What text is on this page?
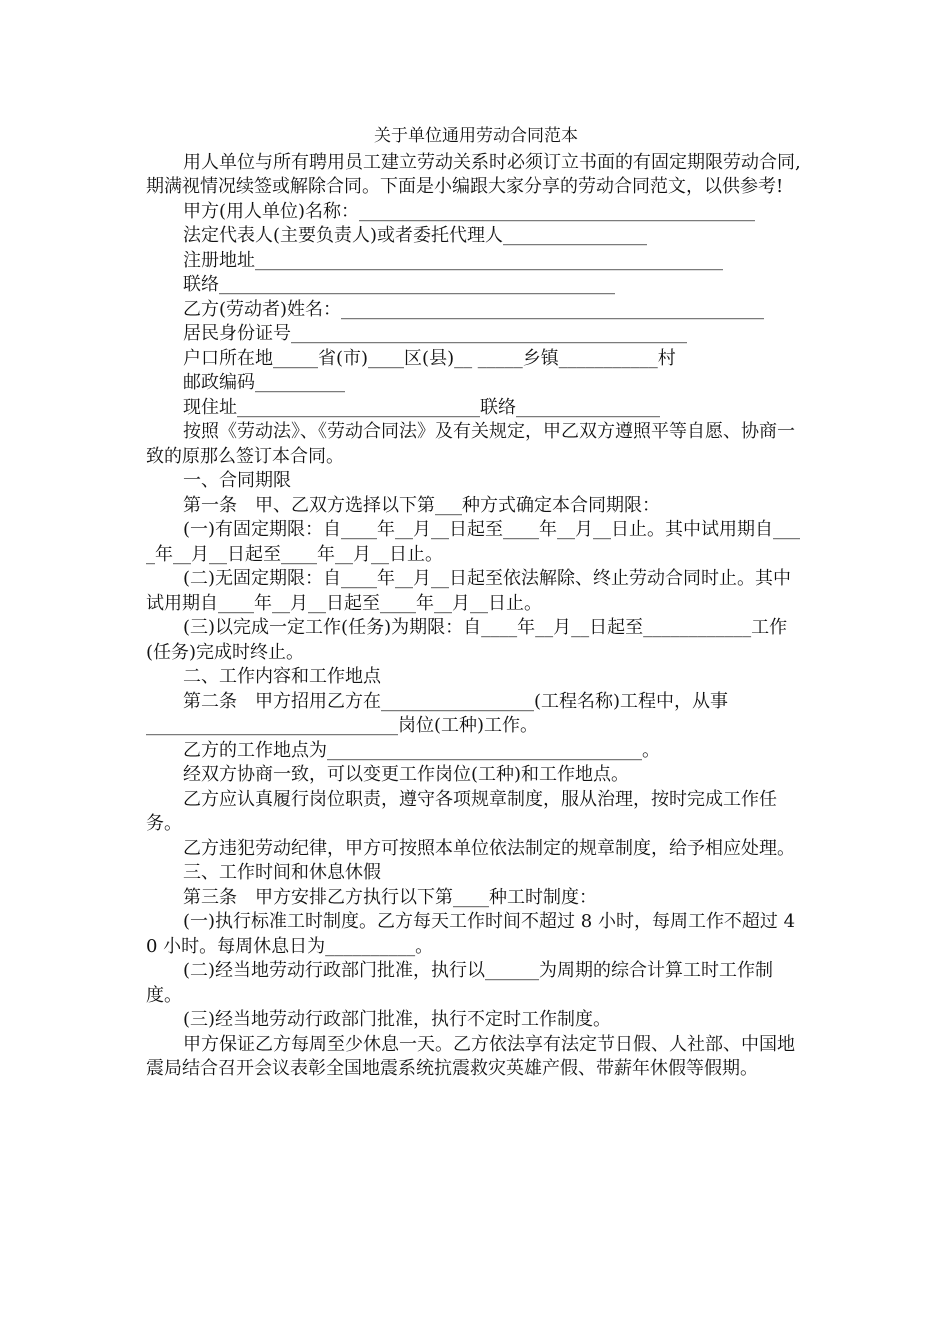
关于单位通用劳动合同范本

用人单位与所有聘用员工建立劳动关系时必须订立书面的有固定期限劳动合同,期满视情况续签或解除合同。下面是小编跟大家分享的劳动合同范文，以供参考!

甲方(用人单位)名称：____________________________________________

法定代表人(主要负责人)或者委托代理人________________

注册地址____________________________________________________

联络____________________________________________

乙方(劳动者)姓名：_______________________________________________

居民身份证号____________________________________________

户口所在地_____省(市)____区(县)__ _____乡镇___________村

邮政编码__________

现住址___________________________联络________________

按照《劳动法》、《劳动合同法》及有关规定，甲乙双方遵照平等自愿、协商一致的原那么签订本合同。

一、合同期限

第一条　甲、乙双方选择以下第___种方式确定本合同期限：

(一)有固定期限：自____年__月__日起至____年__月__日止。其中试用期自____年__月__日起至____年__月__日止。

(二)无固定期限：自____年__月__日起至依法解除、终止劳动合同时止。其中试用期自____年__月__日起至____年__月__日止。

(三)以完成一定工作(任务)为期限：自____年__月__日起至____________工作(任务)完成时终止。

二、工作内容和工作地点

第二条　甲方招用乙方在_________________(工程名称)工程中，从事

____________________________岗位(工种)工作。

乙方的工作地点为___________________________________。

经双方协商一致，可以变更工作岗位(工种)和工作地点。

乙方应认真履行岗位职责，遵守各项规章制度，服从治理，按时完成工作任务。

乙方违犯劳动纪律，甲方可按照本单位依法制定的规章制度，给予相应处理。

三、工作时间和休息休假

第三条　甲方安排乙方执行以下第____种工时制度：

(一)执行标准工时制度。乙方每天工作时间不超过 8 小时，每周工作不超过 40 小时。每周休息日为__________。

(二)经当地劳动行政部门批准，执行以______为周期的综合计算工时工作制度。

(三)经当地劳动行政部门批准，执行不定时工作制度。

甲方保证乙方每周至少休息一天。乙方依法享有法定节日假、人社部、中国地震局结合召开会议表彰全国地震系统抗震救灾英雄产假、带薪年休假等假期。
